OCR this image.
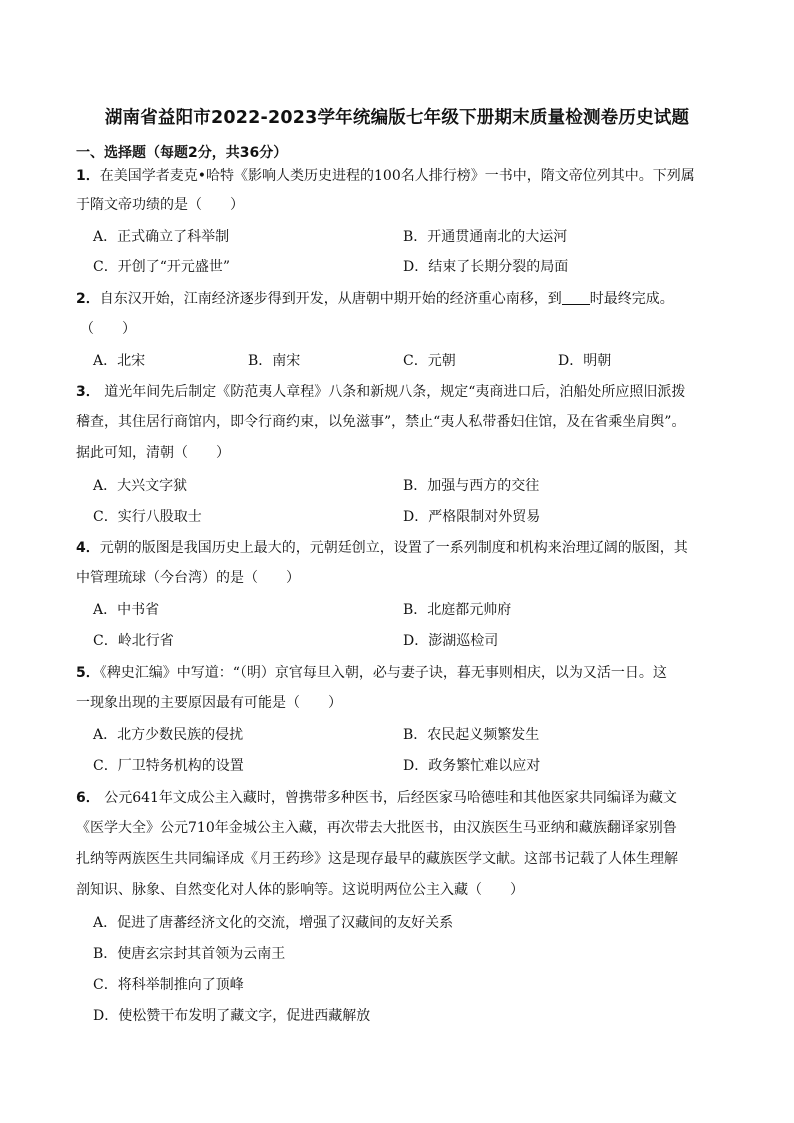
湖南省益阳市2022-2023学年统编版七年级下册期末质量检测卷历史试题
一、选择题（每题2分，共36分）
1．在美国学者麦克•哈特《影响人类历史进程的100名人排行榜》一书中，隋文帝位列其中。下列属
于隋文帝功绩的是（　　）
A．正式确立了科举制	B．开通贯通南北的大运河
C．开创了“开元盛世”	D．结束了长期分裂的局面
2．自东汉开始，江南经济逐步得到开发，从唐朝中期开始的经济重心南移，到 时最终完成。
（　　）
A．北宋	B．南宋	C．元朝	D．明朝
3． 道光年间先后制定《防范夷人章程》八条和新规八条，规定“夷商进口后，泊船处所应照旧派拨
稽查，其住居行商馆内，即令行商约束，以免滋事”，禁止“夷人私带番妇住馆，及在省乘坐肩舆”。
据此可知，清朝（　　）
A．大兴文字狱	B．加强与西方的交往
C．实行八股取士	D．严格限制对外贸易
4．元朝的版图是我国历史上最大的，元朝廷创立，设置了一系列制度和机构来治理辽阔的版图，其
中管理琉球（今台湾）的是（　　）
A．中书省	B．北庭都元帅府
C．岭北行省	D．澎湖巡检司
5．《稗史汇编》中写道：“（明）京官每旦入朝，必与妻子诀，暮无事则相庆，以为又活一日。这
一现象出现的主要原因最有可能是（　　）
A．北方少数民族的侵扰	B．农民起义频繁发生
C．厂卫特务机构的设置	D．政务繁忙难以应对
6． 公元641年文成公主入藏时，曾携带多种医书，后经医家马哈德哇和其他医家共同编译为藏文
《医学大全》公元710年金城公主入藏，再次带去大批医书，由汉族医生马亚纳和藏族翻译家别鲁
扎纳等两族医生共同编译成《月王药珍》这是现存最早的藏族医学文献。这部书记载了人体生理解
剖知识、脉象、自然变化对人体的影响等。这说明两位公主入藏（　　）
A．促进了唐蕃经济文化的交流，增强了汉藏间的友好关系
B．使唐玄宗封其首领为云南王
C．将科举制推向了顶峰
D．使松赞干布发明了藏文字，促进西藏解放
